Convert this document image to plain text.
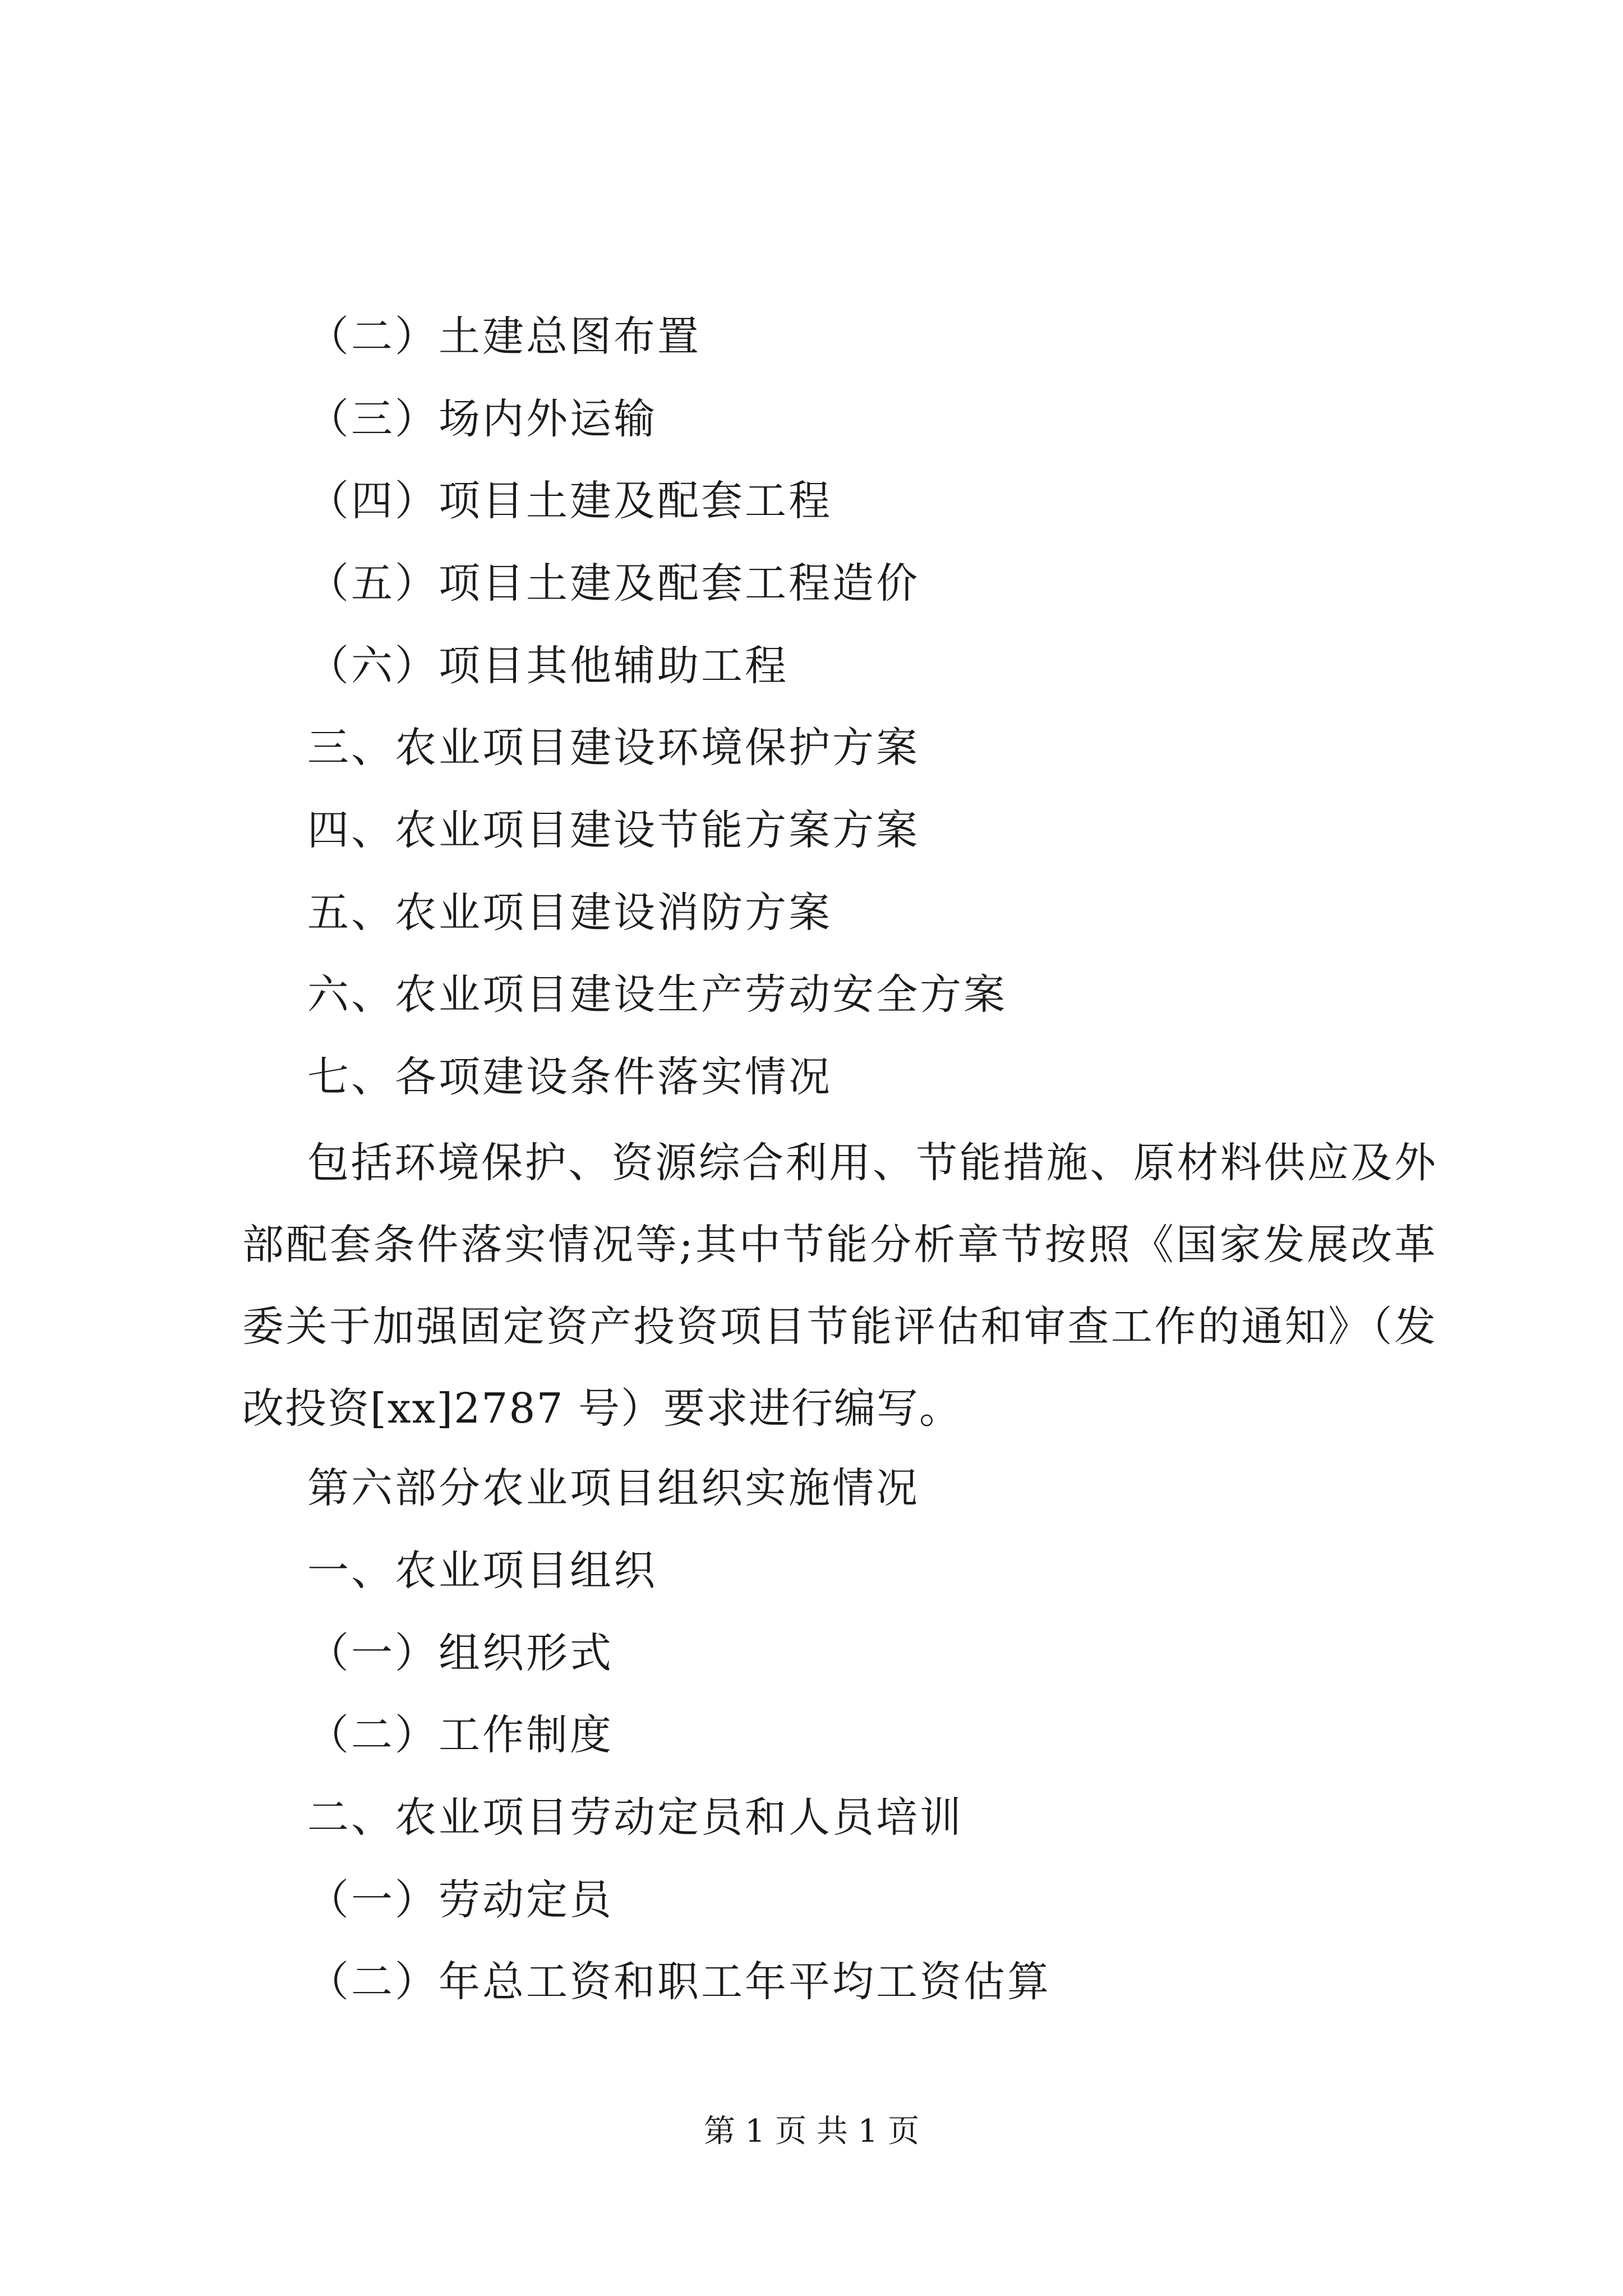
（二）土建总图布置
（三）场内外运输
（四）项目土建及配套工程
（五）项目土建及配套工程造价
（六）项目其他辅助工程
三、农业项目建设环境保护方案
四、农业项目建设节能方案方案
五、农业项目建设消防方案
六、农业项目建设生产劳动安全方案
七、各项建设条件落实情况
包括环境保护、资源综合利用、节能措施、原材料供应及外
部配套条件落实情况等;其中节能分析章节按照《国家发展改革
委关于加强固定资产投资项目节能评估和审查工作的通知》（发
改投资[xx]2787 号）要求进行编写。
第六部分农业项目组织实施情况
一、农业项目组织
（一）组织形式
（二）工作制度
二、农业项目劳动定员和人员培训
（一）劳动定员
（二）年总工资和职工年平均工资估算
第 1 页 共 1 页
